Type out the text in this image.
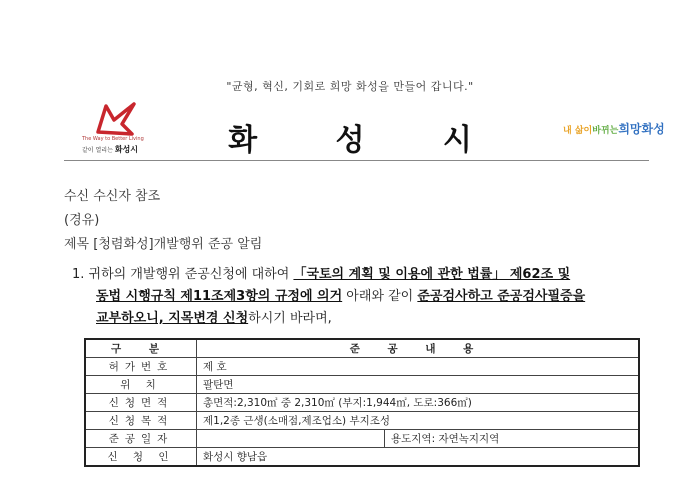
"균형, 혁신, 기회로 희망 화성을 만들어 갑니다."
The Way to Better Living
같이 열리는 화성시	화 성 시	내 삶이바뀌는희망화성
수신 수신자 참조
(경유)
제목 [청렴화성]개발행위 준공 알림
1. 귀하의 개발행위 준공신청에 대하여 「국토의 계획 및 이용에 관한 법률」 제62조 및
동법 시행규칙 제11조제3항의 규정에 의거 아래와 같이 준공검사하고 준공검사필증을
교부하오니, 지목변경 신청하시기 바라며,
구 분	준 공 내 용	
허가번호	제 호	
위 치	팔탄면	
신청면적	총면적:2,310㎡ 중 2,310㎡ (부지:1,944㎡, 도로:366㎡)	
신청목적	제1,2종 근생(소매점,제조업소) 부지조성	
준공일자		용도지역: 자연녹지지역
신 청 인	화성시 향남읍	
